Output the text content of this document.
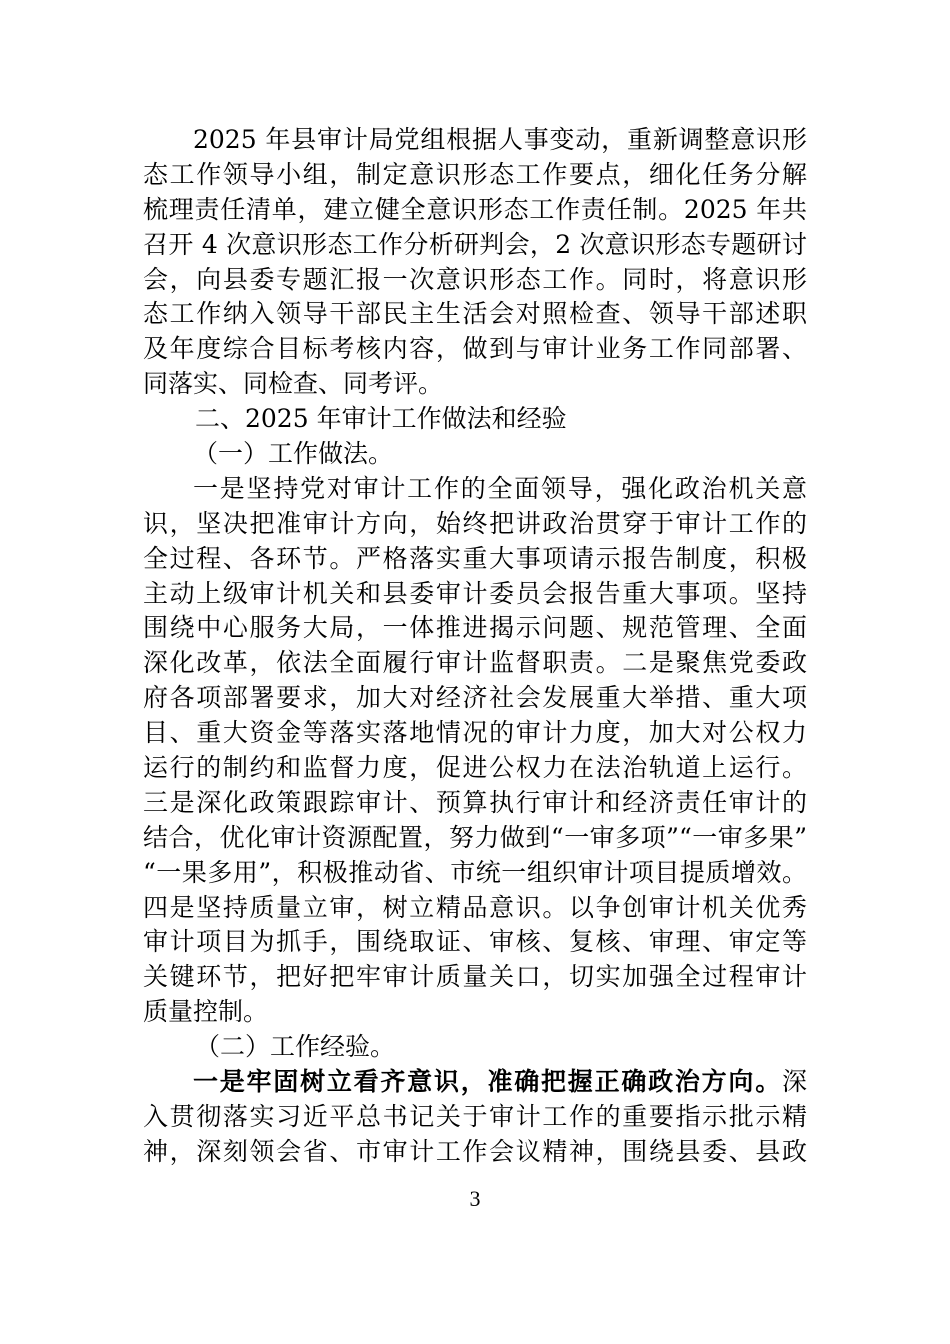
2025 年县审计局党组根据人事变动，重新调整意识形
态工作领导小组，制定意识形态工作要点，细化任务分解
梳理责任清单，建立健全意识形态工作责任制。2025 年共
召开 4 次意识形态工作分析研判会，2 次意识形态专题研讨
会，向县委专题汇报一次意识形态工作。同时，将意识形
态工作纳入领导干部民主生活会对照检查、领导干部述职
及年度综合目标考核内容，做到与审计业务工作同部署、
同落实、同检查、同考评。
二、2025 年审计工作做法和经验
（一）工作做法。
一是坚持党对审计工作的全面领导，强化政治机关意
识，坚决把准审计方向，始终把讲政治贯穿于审计工作的
全过程、各环节。严格落实重大事项请示报告制度，积极
主动上级审计机关和县委审计委员会报告重大事项。坚持
围绕中心服务大局，一体推进揭示问题、规范管理、全面
深化改革，依法全面履行审计监督职责。二是聚焦党委政
府各项部署要求，加大对经济社会发展重大举措、重大项
目、重大资金等落实落地情况的审计力度，加大对公权力
运行的制约和监督力度，促进公权力在法治轨道上运行。
三是深化政策跟踪审计、预算执行审计和经济责任审计的
结合，优化审计资源配置，努力做到“一审多项”“一审多果”
“一果多用”，积极推动省、市统一组织审计项目提质增效。
四是坚持质量立审，树立精品意识。以争创审计机关优秀
审计项目为抓手，围绕取证、审核、复核、审理、审定等
关键环节，把好把牢审计质量关口，切实加强全过程审计
质量控制。
（二）工作经验。
一是牢固树立看齐意识，准确把握正确政治方向。深
入贯彻落实习近平总书记关于审计工作的重要指示批示精
神，深刻领会省、市审计工作会议精神，围绕县委、县政
3
